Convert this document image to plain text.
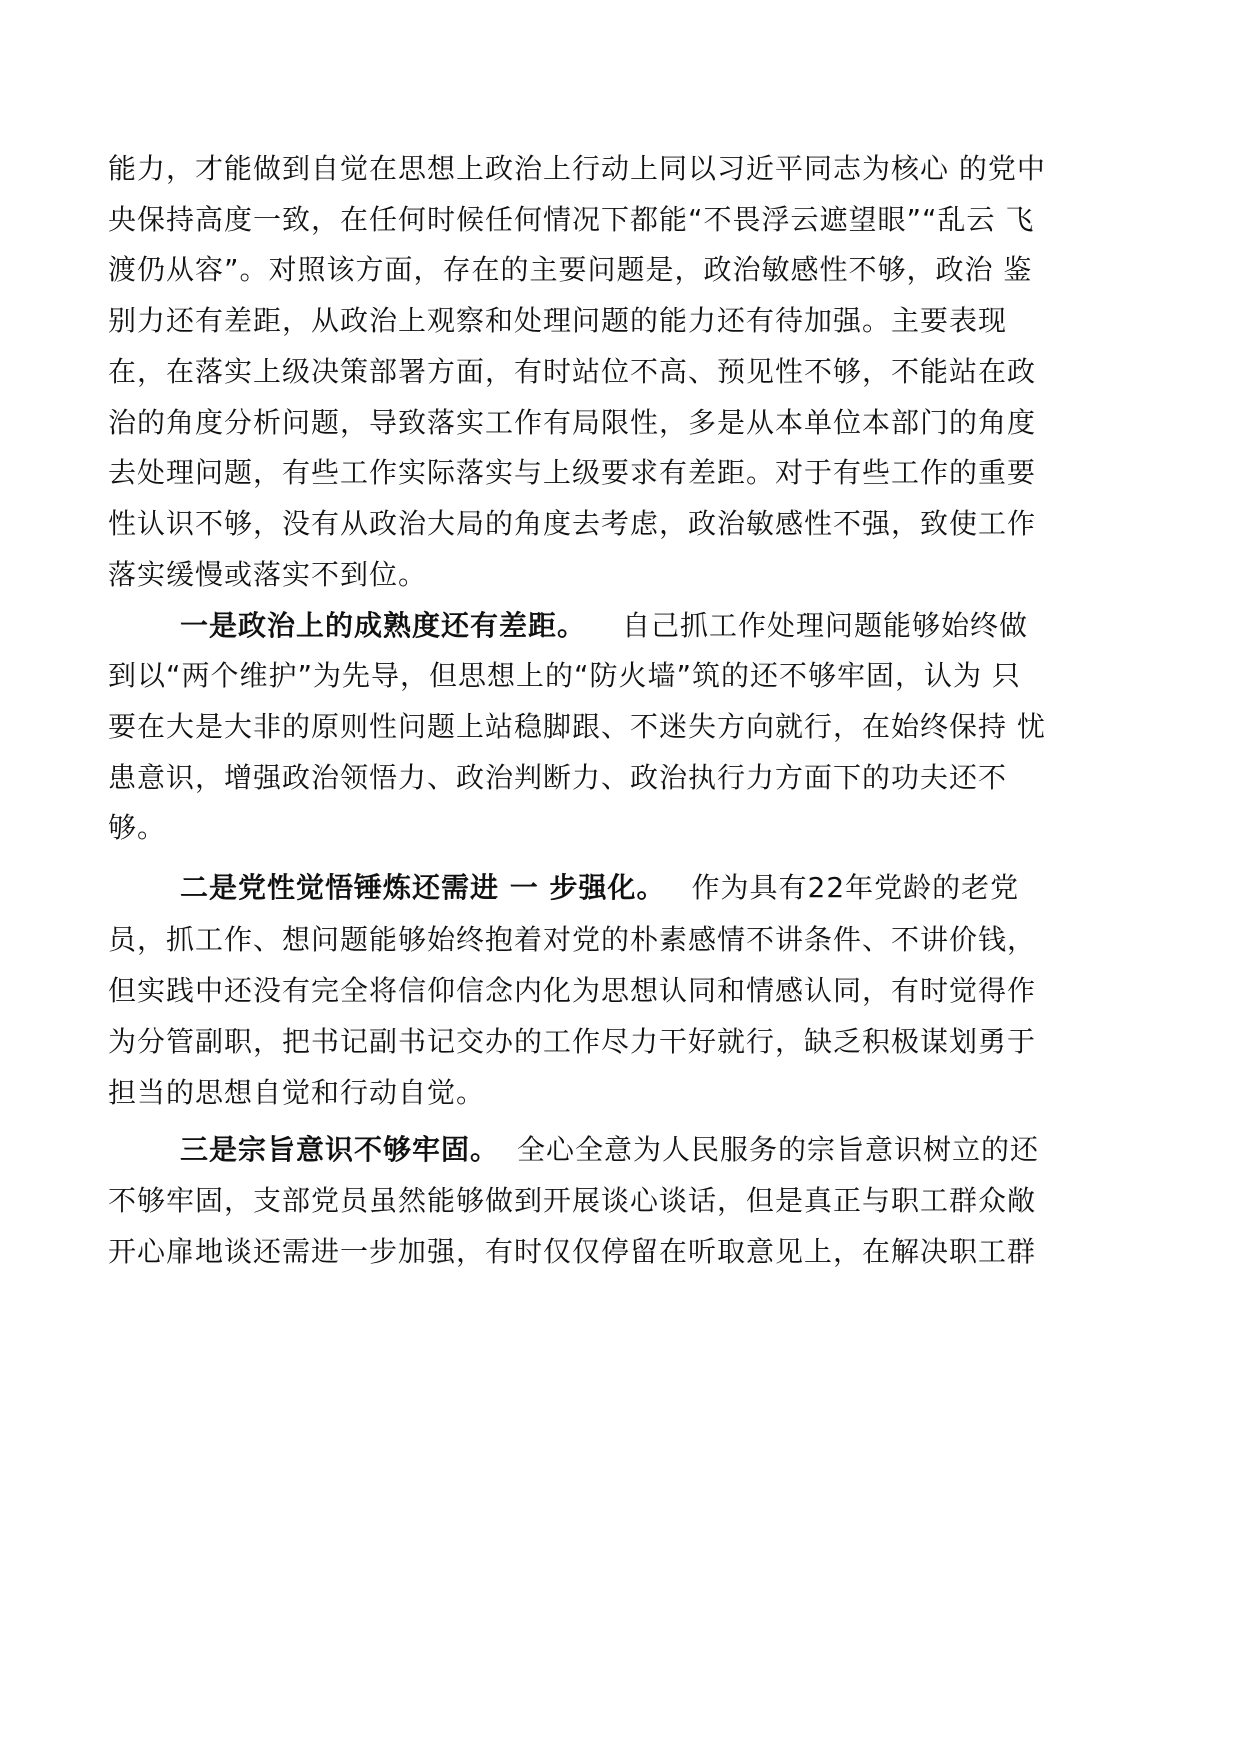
能力，才能做到自觉在思想上政治上行动上同以习近平同志为核心 的党中
央保持高度一致，在任何时候任何情况下都能“不畏浮云遮望眼”“乱云 飞
渡仍从容”。对照该方面，存在的主要问题是，政治敏感性不够，政治 鉴
别力还有差距，从政治上观察和处理问题的能力还有待加强。主要表现
在，在落实上级决策部署方面，有时站位不高、预见性不够，不能站在政
治的角度分析问题，导致落实工作有局限性，多是从本单位本部门的角度
去处理问题，有些工作实际落实与上级要求有差距。对于有些工作的重要
性认识不够，没有从政治大局的角度去考虑，政治敏感性不强，致使工作
落实缓慢或落实不到位。
一是政治上的成熟度还有差距。 自己抓工作处理问题能够始终做
到以“两个维护”为先导，但思想上的“防火墙”筑的还不够牢固，认为 只
要在大是大非的原则性问题上站稳脚跟、不迷失方向就行，在始终保持 忧
患意识，增强政治领悟力、政治判断力、政治执行力方面下的功夫还不
够。
二是党性觉悟锤炼还需进 一 步强化。 作为具有22年党龄的老党
员，抓工作、想问题能够始终抱着对党的朴素感情不讲条件、不讲价钱，
但实践中还没有完全将信仰信念内化为思想认同和情感认同，有时觉得作
为分管副职，把书记副书记交办的工作尽力干好就行，缺乏积极谋划勇于
担当的思想自觉和行动自觉。
三是宗旨意识不够牢固。 全心全意为人民服务的宗旨意识树立的还
不够牢固，支部党员虽然能够做到开展谈心谈话，但是真正与职工群众敞
开心扉地谈还需进一步加强，有时仅仅停留在听取意见上，在解决职工群
